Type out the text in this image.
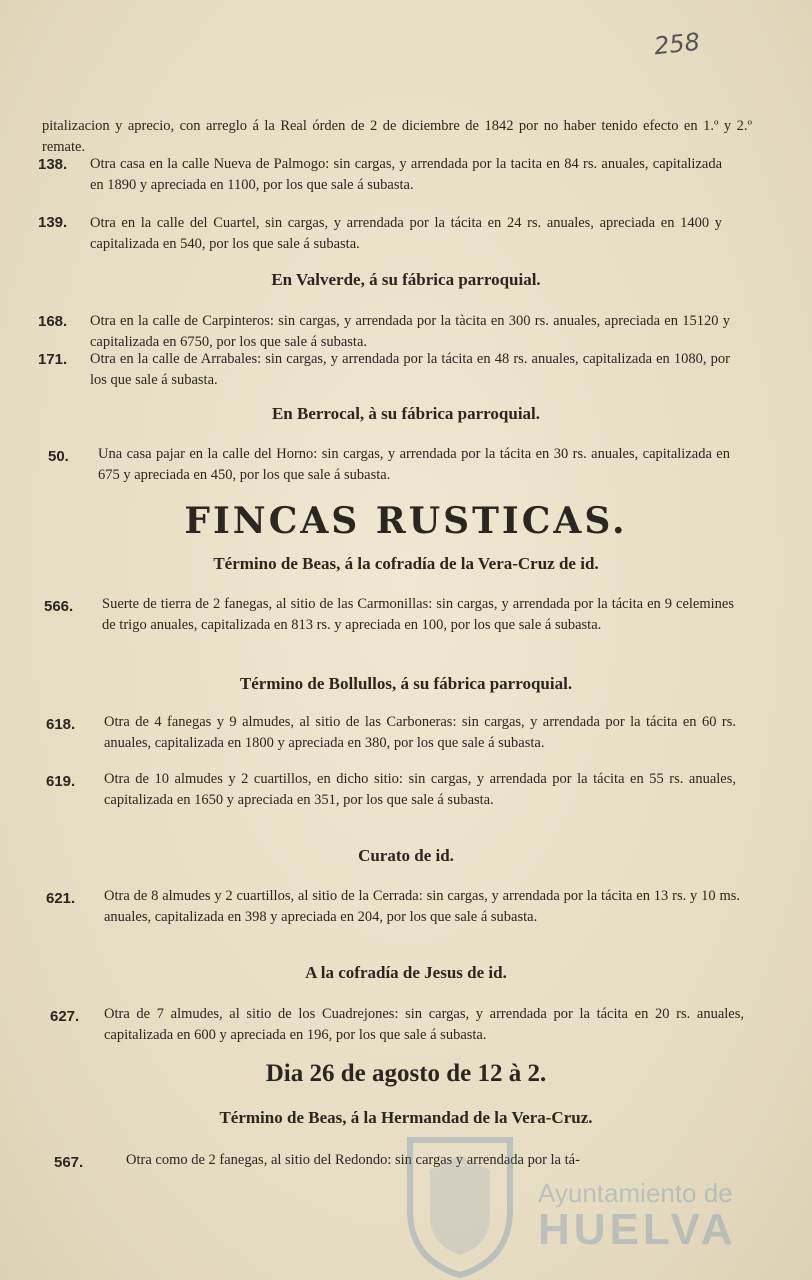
258
pitalizacion y aprecio, con arreglo á la Real órden de 2 de diciembre de 1842 por no haber tenido efecto en 1.º y 2.º remate.
138. Otra casa en la calle Nueva de Palmogo: sin cargas, y arrendada por la tacita en 84 rs. anuales, capitalizada en 1890 y apreciada en 1100, por los que sale á subasta.
139. Otra en la calle del Cuartel, sin cargas, y arrendada por la tácita en 24 rs. anuales, apreciada en 1400 y capitalizada en 540, por los que sale á subasta.
En Valverde, á su fábrica parroquial.
168. Otra en la calle de Carpinteros: sin cargas, y arrendada por la tàcita en 300 rs. anuales, apreciada en 15120 y capitalizada en 6750, por los que sale á subasta.
171. Otra en la calle de Arrabales: sin cargas, y arrendada por la tácita en 48 rs. anuales, capitalizada en 1080, por los que sale á subasta.
En Berrocal, à su fábrica parroquial.
50. Una casa pajar en la calle del Horno: sin cargas, y arrendada por la tácita en 30 rs. anuales, capitalizada en 675 y apreciada en 450, por los que sale á subasta.
FINCAS RUSTICAS.
Término de Beas, á la cofradía de la Vera-Cruz de id.
566. Suerte de tierra de 2 fanegas, al sitio de las Carmonillas: sin cargas, y arrendada por la tácita en 9 celemines de trigo anuales, capitalizada en 813 rs. y apreciada en 100, por los que sale á subasta.
Término de Bollullos, á su fábrica parroquial.
618. Otra de 4 fanegas y 9 almudes, al sitio de las Carboneras: sin cargas, y arrendada por la tácita en 60 rs. anuales, capitalizada en 1800 y apreciada en 380, por los que sale á subasta.
619. Otra de 10 almudes y 2 cuartillos, en dicho sitio: sin cargas, y arrendada por la tácita en 55 rs. anuales, capitalizada en 1650 y apreciada en 351, por los que sale á subasta.
Curato de id.
621. Otra de 8 almudes y 2 cuartillos, al sitio de la Cerrada: sin cargas, y arrendada por la tácita en 13 rs. y 10 ms. anuales, capitalizada en 398 y apreciada en 204, por los que sale á subasta.
A la cofradía de Jesus de id.
627. Otra de 7 almudes, al sitio de los Cuadrejones: sin cargas, y arrendada por la tácita en 20 rs. anuales, capitalizada en 600 y apreciada en 196, por los que sale á subasta.
Dia 26 de agosto de 12 à 2.
Término de Beas, á la Hermandad de la Vera-Cruz.
567.	Otra como de 2 fanegas, al sitio del Redondo: sin cargas y arrendada por la tá-
Ayuntamiento de
HUELVA
